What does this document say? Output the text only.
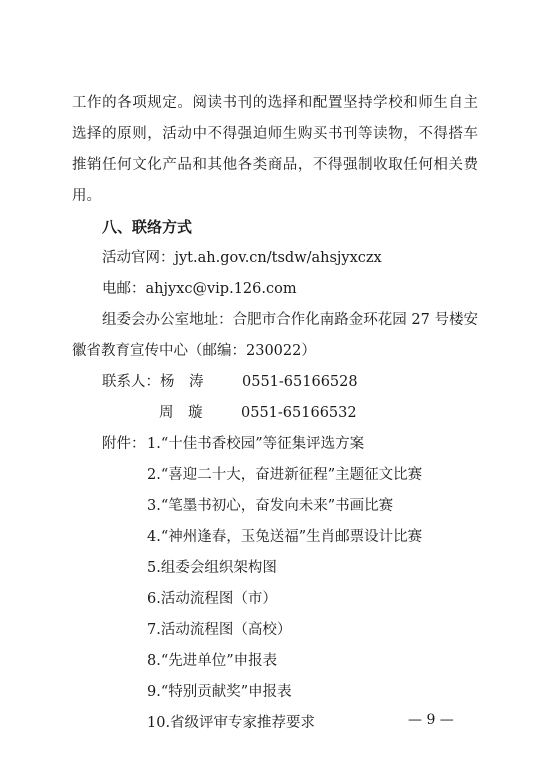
工作的各项规定。阅读书刊的选择和配置坚持学校和师生自主
选择的原则，活动中不得强迫师生购买书刊等读物，不得搭车
推销任何文化产品和其他各类商品，不得强制收取任何相关费
用。
八、联络方式
活动官网：jyt.ah.gov.cn/tsdw/ahsjyxczx
电邮：ahjyxc@vip.126.com
组委会办公室地址：合肥市合作化南路金环花园 27 号楼安
徽省教育宣传中心（邮编：230022）
联系人：杨　涛	0551-65166528
周　璇	0551-65166532
附件： 1.“十佳书香校园”等征集评选方案
2.“喜迎二十大，奋进新征程”主题征文比赛
3.“笔墨书初心，奋发向未来”书画比赛
4.“神州逢春，玉兔送福”生肖邮票设计比赛
5.组委会组织架构图
6.活动流程图（市）
7.活动流程图（高校）
8.“先进单位”申报表
9.“特别贡献奖”申报表
10.省级评审专家推荐要求	— 9 —
